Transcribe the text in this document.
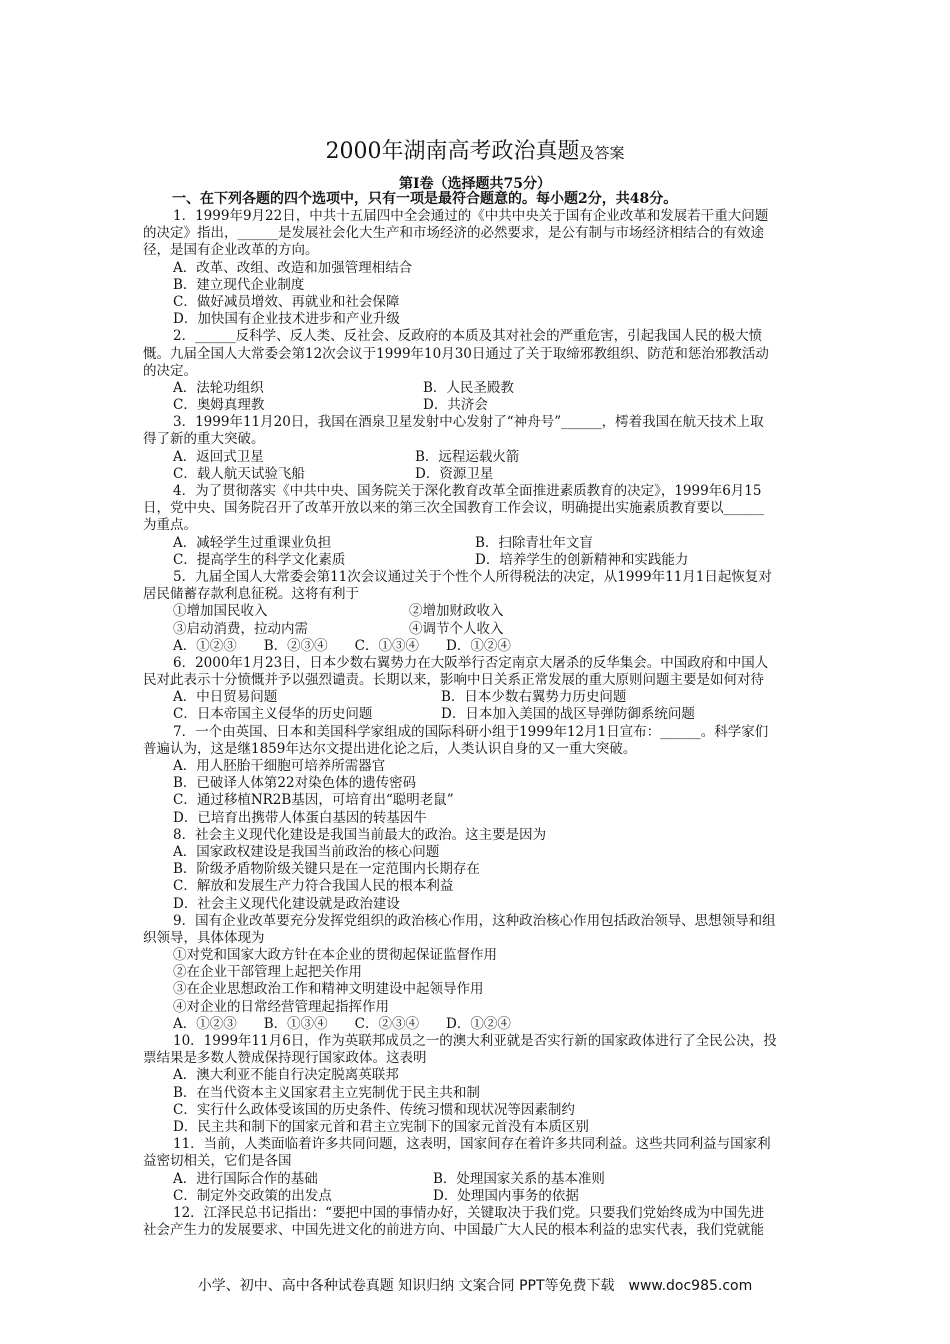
2000年湖南高考政治真题及答案
第Ⅰ卷（选择题共75分）
一、在下列各题的四个选项中，只有一项是最符合题意的。每小题2分，共48分。
1．1999年9月22日，中共十五届四中全会通过的《中共中央关于国有企业改革和发展若干重大问题
的决定》指出，______是发展社会化大生产和市场经济的必然要求，是公有制与市场经济相结合的有效途
径，是国有企业改革的方向。
A．改革、改组、改造和加强管理相结合
B．建立现代企业制度
C．做好减员增效、再就业和社会保障
D．加快国有企业技术进步和产业升级
2．______反科学、反人类、反社会、反政府的本质及其对社会的严重危害，引起我国人民的极大愤
慨。九届全国人大常委会第12次会议于1999年10月30日通过了关于取缔邪教组织、防范和惩治邪教活动
的决定。
A．法轮功组织	B．人民圣殿教
C．奥姆真理教	D．共济会
3．1999年11月20日，我国在酒泉卫星发射中心发射了“神舟号”______，樗着我国在航天技术上取
得了新的重大突破。
A．返回式卫星	B．远程运载火箭
C．载人航天试验飞船	D．资源卫星
4．为了贯彻落实《中共中央、国务院关于深化教育改革全面推进素质教育的决定》，1999年6月15
日，党中央、国务院召开了改革开放以来的第三次全国教育工作会议，明确提出实施素质教育要以______
为重点。
A．减轻学生过重课业负担	B．扫除青壮年文盲
C．提高学生的科学文化素质	D．培养学生的创新精神和实践能力
5．九届全国人大常委会第11次会议通过关于个性个人所得税法的决定，从1999年11月1日起恢复对
居民储蓄存款利息征税。这将有利于
①增加国民收入	②增加财政收入
③启动消费，拉动内需	④调节个人收入
A．①②③　　B．②③④　　C．①③④　　D．①②④
6．2000年1月23日，日本少数右翼势力在大阪举行否定南京大屠杀的反华集会。中国政府和中国人
民对此表示十分愤慨并予以强烈谴责。长期以来，影响中日关系正常发展的重大原则问题主要是如何对待
A．中日贸易问题	B．日本少数右翼势力历史问题
C．日本帝国主义侵华的历史问题	D．日本加入美国的战区导弹防御系统问题
7．一个由英国、日本和美国科学家组成的国际科研小组于1999年12月1日宣布：______。科学家们
普遍认为，这是继1859年达尔文提出进化论之后，人类认识自身的又一重大突破。
A．用人胚胎干细胞可培养所需器官
B．已破译人体第22对染色体的遗传密码
C．通过移植NR2B基因，可培育出“聪明老鼠”
D．已培育出携带人体蛋白基因的转基因牛
8．社会主义现代化建设是我国当前最大的政治。这主要是因为
A．国家政权建设是我国当前政治的核心问题
B．阶级矛盾物阶级关键只是在一定范围内长期存在
C．解放和发展生产力符合我国人民的根本利益
D．社会主义现代化建设就是政治建设
9．国有企业改革要充分发挥党组织的政治核心作用，这种政治核心作用包括政治领导、思想领导和组
织领导，具体体现为
①对党和国家大政方针在本企业的贯彻起保证监督作用
②在企业干部管理上起把关作用
③在企业思想政治工作和精神文明建设中起领导作用
④对企业的日常经营管理起指挥作用
A．①②③　　B．①③④　　C．②③④　　D．①②④
10．1999年11月6日，作为英联邦成员之一的澳大利亚就是否实行新的国家政体进行了全民公决，投
票结果是多数人赞成保持现行国家政体。这表明
A．澳大利亚不能自行决定脱离英联邦
B．在当代资本主义国家君主立宪制优于民主共和制
C．实行什么政体受该国的历史条件、传统习惯和现状况等因素制约
D．民主共和制下的国家元首和君主立宪制下的国家元首没有本质区别
11．当前，人类面临着许多共同问题，这表明，国家间存在着许多共同利益。这些共同利益与国家利
益密切相关，它们是各国
A．进行国际合作的基础	B．处理国家关系的基本准则
C．制定外交政策的出发点	D．处理国内事务的依据
12．江泽民总书记指出：“要把中国的事情办好，关键取决于我们党。只要我们党始终成为中国先进
社会产生力的发展要求、中国先进文化的前进方向、中国最广大人民的根本利益的忠实代表，我们党就能
小学、初中、高中各种试卷真题 知识归纳 文案合同 PPT等免费下载　www.doc985.com
